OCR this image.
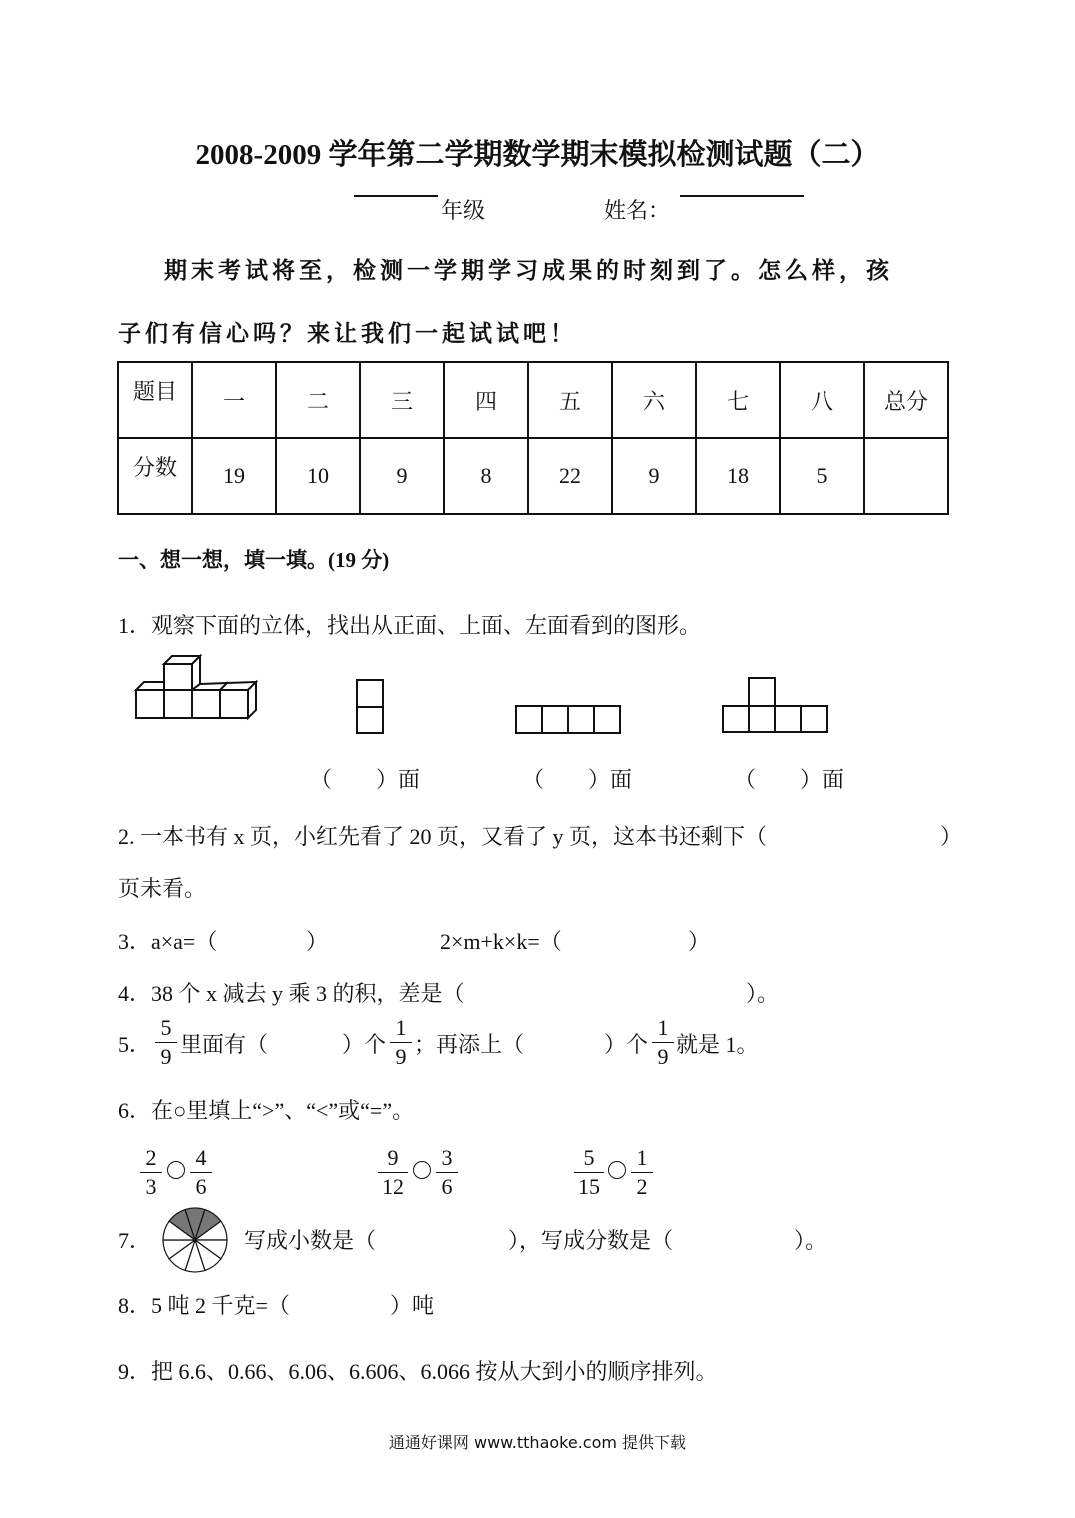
2008-2009 学年第二学期数学期末模拟检测试题（二）
年级	姓名：
期末考试将至，检测一学期学习成果的时刻到了。怎么样，孩
子们有信心吗？来让我们一起试试吧！
题目	一	二	三	四	五	六	七	八	总分
分数	19	10	9	8	22	9	18	5	
一、想一想，填一填。(19 分)
1．观察下面的立体，找出从正面、上面、左面看到的图形。
（　　）面	（　　）面	（　　）面
2. 一本书有 x 页，小红先看了 20 页，又看了 y 页，这本书还剩下（	）
页未看。
3．a×a=（	）	2×m+k×k=（	）
4．38 个 x 减去 y 乘 3 的积，差是（	）。
5．
5
9 里面有（	）个
1
9 ；再添上（	）个
1
9 就是 1。
6．在○里填上“>”、“<”或“=”。
2
3
4
6
9
12
3
6
5
15
1
2
7．	写成小数是（	），写成分数是（	）。
8．5 吨 2 千克=（	）吨
9．把 6.6、0.66、6.06、6.606、6.066 按从大到小的顺序排列。
通通好课网 www.tthaoke.com 提供下载
